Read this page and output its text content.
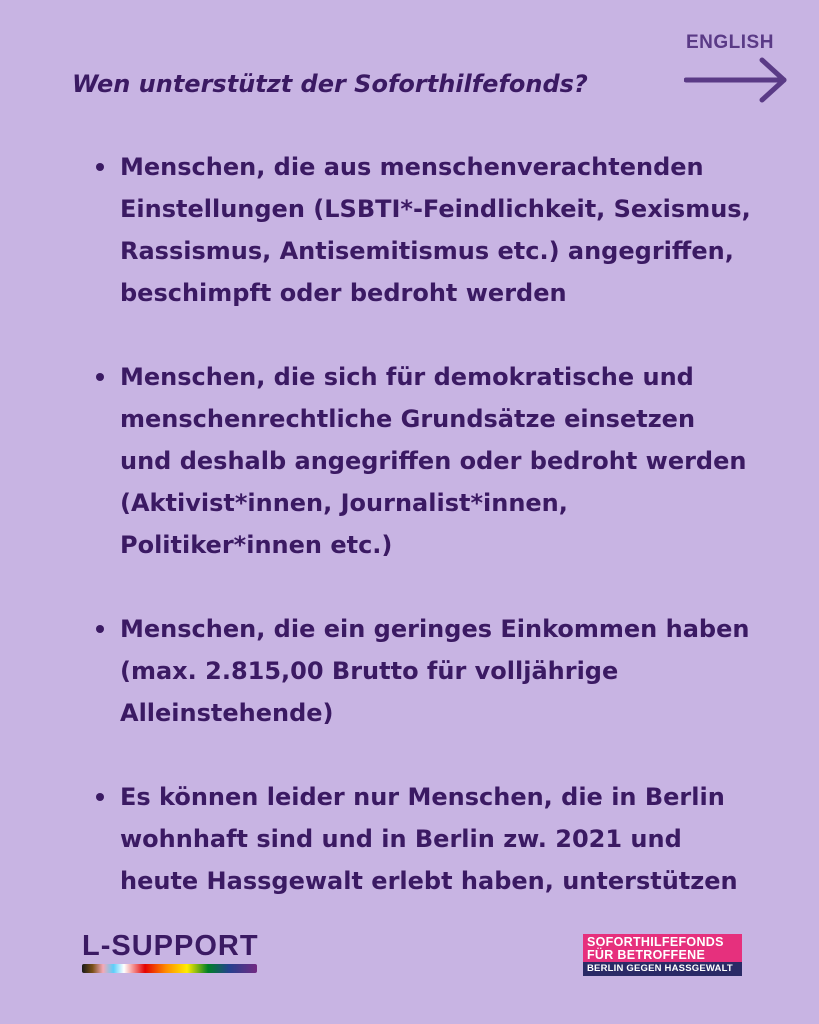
ENGLISH
Wen unterstützt der Soforthilfefonds?
Menschen, die aus menschenverachtenden Einstellungen (LSBTI*-Feindlichkeit, Sexismus, Rassismus, Antisemitismus etc.) angegriffen, beschimpft oder bedroht werden
Menschen, die sich für demokratische und menschenrechtliche Grundsätze einsetzen und deshalb angegriffen oder bedroht werden (Aktivist*innen, Journalist*innen, Politiker*innen etc.)
Menschen, die ein geringes Einkommen haben (max. 2.815,00 Brutto für volljährige Alleinstehende)
Es können leider nur Menschen, die in Berlin wohnhaft sind und in Berlin zw. 2021 und heute Hassgewalt erlebt haben, unterstützen
L-SUPPORT	SOFORTHILFEFONDS
FÜR BETROFFENE
BERLIN GEGEN HASSGEWALT
